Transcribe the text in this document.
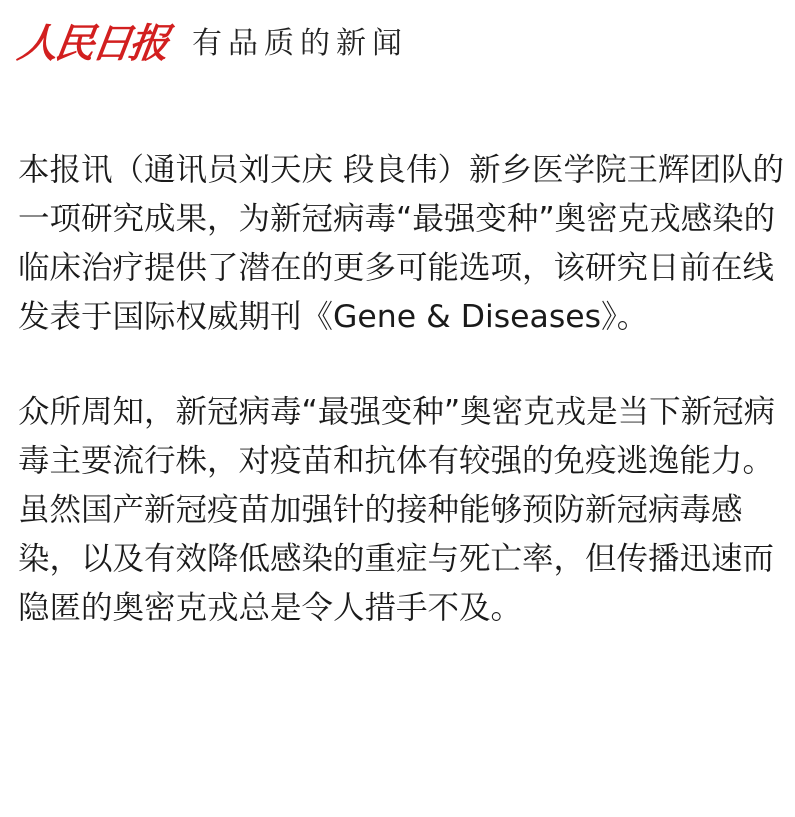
人民日报 有品质的新闻

本报讯（通讯员刘天庆 段良伟）新乡医学院王辉团队的一项研究成果，为新冠病毒“最强变种”奥密克戎感染的临床治疗提供了潜在的更多可能选项，该研究日前在线发表于国际权威期刊《Gene & Diseases》。

众所周知，新冠病毒“最强变种”奥密克戎是当下新冠病毒主要流行株，对疫苗和抗体有较强的免疫逃逸能力。虽然国产新冠疫苗加强针的接种能够预防新冠病毒感染，以及有效降低感染的重症与死亡率，但传播迅速而隐匿的奥密克戎总是令人措手不及。
